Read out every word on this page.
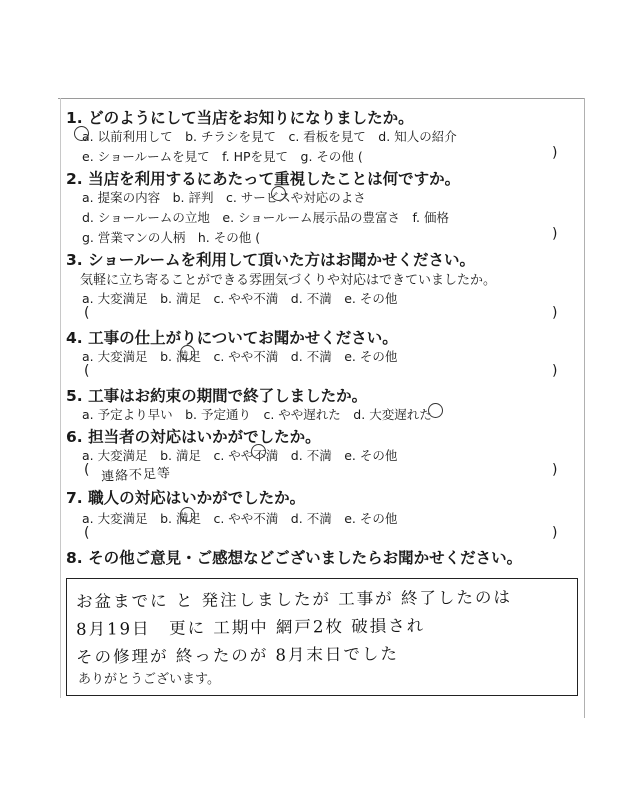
1. どのようにして当店をお知りになりましたか。
a. 以前利用して　b. チラシを見て　c. 看板を見て　d. 知人の紹介
e. ショールームを見て　f. HPを見て　g. その他 (	)
2. 当店を利用するにあたって重視したことは何ですか。
a. 提案の内容　b. 評判　c. サービスや対応のよさ
d. ショールームの立地　e. ショールーム展示品の豊富さ　f. 価格
g. 営業マンの人柄　h. その他 (	)
3. ショールームを利用して頂いた方はお聞かせください。
気軽に立ち寄ることができる雰囲気づくりや対応はできていましたか。
a. 大変満足　b. 満足　c. やや不満　d. 不満　e. その他
(	)
4. 工事の仕上がりについてお聞かせください。
a. 大変満足　b. 満足　c. やや不満　d. 不満　e. その他
(	)
5. 工事はお約束の期間で終了しましたか。
a. 予定より早い　b. 予定通り　c. やや遅れた　d. 大変遅れた
6. 担当者の対応はいかがでしたか。
a. 大変満足　b. 満足　c. やや不満　d. 不満　e. その他
( 連絡不足等	)
7. 職人の対応はいかがでしたか。
a. 大変満足　b. 満足　c. やや不満　d. 不満　e. その他
(	)
8. その他ご意見・ご感想などございましたらお聞かせください。
お盆までに と 発注しましたが 工事が 終了したのは
8月19日　更に 工期中 網戸2枚 破損され
その修理が 終ったのが 8月末日でした
ありがとうございます。
